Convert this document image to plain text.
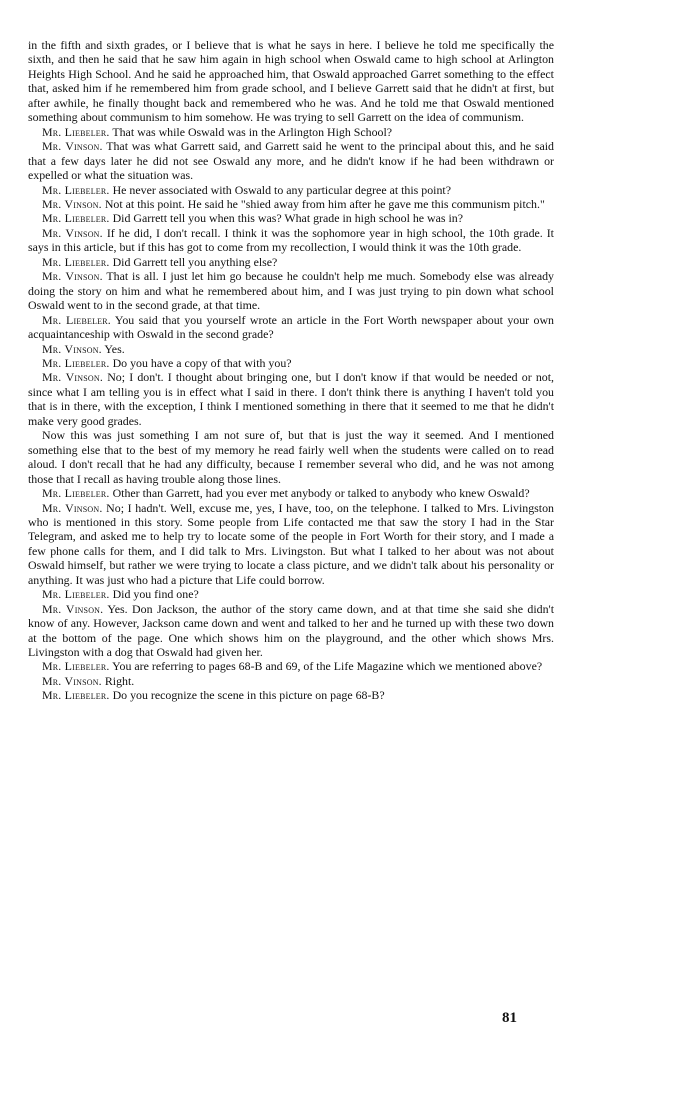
in the fifth and sixth grades, or I believe that is what he says in here. I believe he told me specifically the sixth, and then he said that he saw him again in high school when Oswald came to high school at Arlington Heights High School. And he said he approached him, that Oswald approached Garret something to the effect that, asked him if he remembered him from grade school, and I believe Garrett said that he didn't at first, but after awhile, he finally thought back and remembered who he was. And he told me that Oswald mentioned something about communism to him somehow. He was trying to sell Garrett on the idea of communism.

Mr. Liebeler. That was while Oswald was in the Arlington High School?

Mr. Vinson. That was what Garrett said, and Garrett said he went to the principal about this, and he said that a few days later he did not see Oswald any more, and he didn't know if he had been withdrawn or expelled or what the situation was.

Mr. Liebeler. He never associated with Oswald to any particular degree at this point?

Mr. Vinson. Not at this point. He said he "shied away from him after he gave me this communism pitch."

Mr. Liebeler. Did Garrett tell you when this was? What grade in high school he was in?

Mr. Vinson. If he did, I don't recall. I think it was the sophomore year in high school, the 10th grade. It says in this article, but if this has got to come from my recollection, I would think it was the 10th grade.

Mr. Liebeler. Did Garrett tell you anything else?

Mr. Vinson. That is all. I just let him go because he couldn't help me much. Somebody else was already doing the story on him and what he remembered about him, and I was just trying to pin down what school Oswald went to in the second grade, at that time.

Mr. Liebeler. You said that you yourself wrote an article in the Fort Worth newspaper about your own acquaintanceship with Oswald in the second grade?

Mr. Vinson. Yes.

Mr. Liebeler. Do you have a copy of that with you?

Mr. Vinson. No; I don't. I thought about bringing one, but I don't know if that would be needed or not, since what I am telling you is in effect what I said in there. I don't think there is anything I haven't told you that is in there, with the exception, I think I mentioned something in there that it seemed to me that he didn't make very good grades.

Now this was just something I am not sure of, but that is just the way it seemed. And I mentioned something else that to the best of my memory he read fairly well when the students were called on to read aloud. I don't recall that he had any difficulty, because I remember several who did, and he was not among those that I recall as having trouble along those lines.

Mr. Liebeler. Other than Garrett, had you ever met anybody or talked to anybody who knew Oswald?

Mr. Vinson. No; I hadn't. Well, excuse me, yes, I have, too, on the telephone. I talked to Mrs. Livingston who is mentioned in this story. Some people from Life contacted me that saw the story I had in the Star Telegram, and asked me to help try to locate some of the people in Fort Worth for their story, and I made a few phone calls for them, and I did talk to Mrs. Livingston. But what I talked to her about was not about Oswald himself, but rather we were trying to locate a class picture, and we didn't talk about his personality or anything. It was just who had a picture that Life could borrow.

Mr. Liebeler. Did you find one?

Mr. Vinson. Yes. Don Jackson, the author of the story came down, and at that time she said she didn't know of any. However, Jackson came down and went and talked to her and he turned up with these two down at the bottom of the page. One which shows him on the playground, and the other which shows Mrs. Livingston with a dog that Oswald had given her.

Mr. Liebeler. You are referring to pages 68-B and 69, of the Life Magazine which we mentioned above?

Mr. Vinson. Right.

Mr. Liebeler. Do you recognize the scene in this picture on page 68-B?

81
